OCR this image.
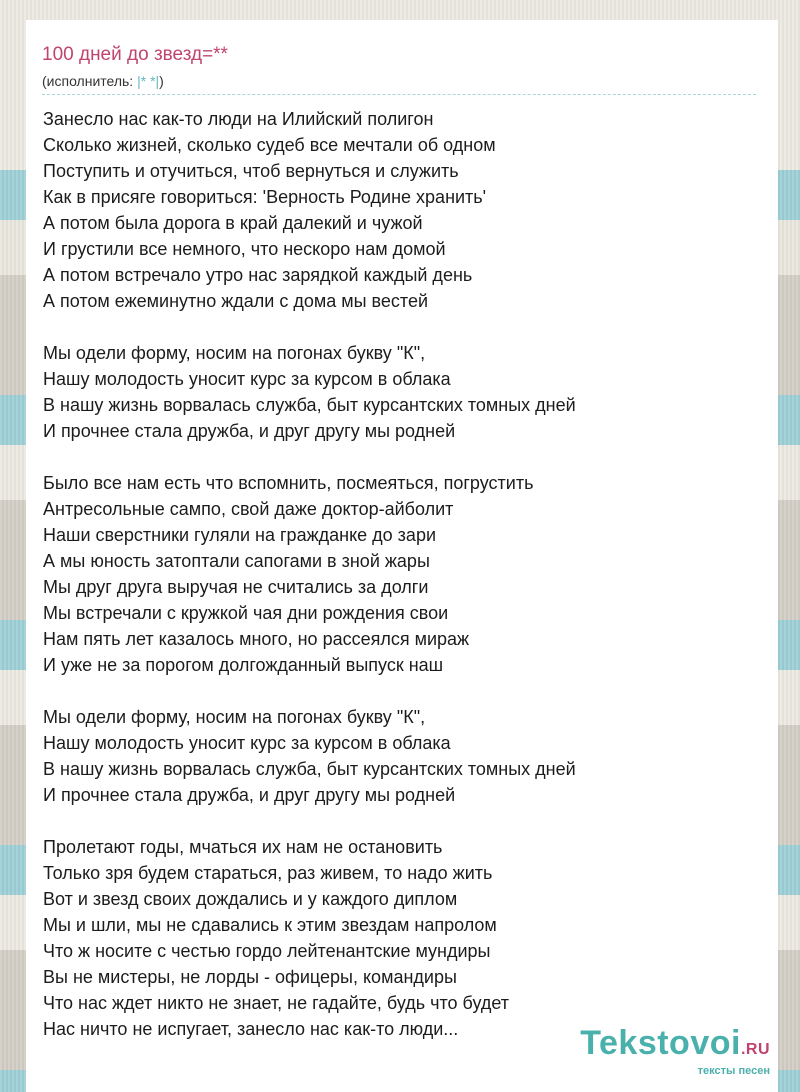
100 дней до звезд=**
(исполнитель: |* *|)
Занесло нас как-то люди на Илийский полигон
Сколько жизней, сколько судеб все мечтали об одном
Поступить и отучиться, чтоб вернуться и служить
Как в присяге говориться: 'Верность Родине хранить'
А потом была дорога в край далекий и чужой
И грустили все немного, что нескоро нам домой
А потом встречало утро нас зарядкой каждый день
А потом ежеминутно ждали с дома мы вестей
Мы одели форму, носим на погонах букву "К",
Нашу молодость уносит курс за курсом в облака
В нашу жизнь ворвалась служба, быт курсантских томных дней
И прочнее стала дружба, и друг другу мы родней
Было все нам есть что вспомнить, посмеяться, погрустить
Антресольные сампо, свой даже доктор-айболит
Наши сверстники гуляли на гражданке до зари
А мы юность затоптали сапогами в зной жары
Мы друг друга выручая не считались за долги
Мы встречали с кружкой чая дни рождения свои
Нам пять лет казалось много, но рассеялся мираж
И уже не за порогом долгожданный выпуск наш
Мы одели форму, носим на погонах букву "К",
Нашу молодость уносит курс за курсом в облака
В нашу жизнь ворвалась служба, быт курсантских томных дней
И прочнее стала дружба, и друг другу мы родней
Пролетают годы, мчаться их нам не остановить
Только зря будем стараться, раз живем, то надо жить
Вот и звезд своих дождались и у каждого диплом
Мы и шли, мы не сдавались к этим звездам напролом
Что ж носите с честью гордо лейтенантские мундиры
Вы не мистеры, не лорды - офицеры, командиры
Что нас ждет никто не знает, не гадайте, будь что будет
Нас ничто не испугает, занесло нас как-то люди...	Tekstovoi.RU
тексты песен
